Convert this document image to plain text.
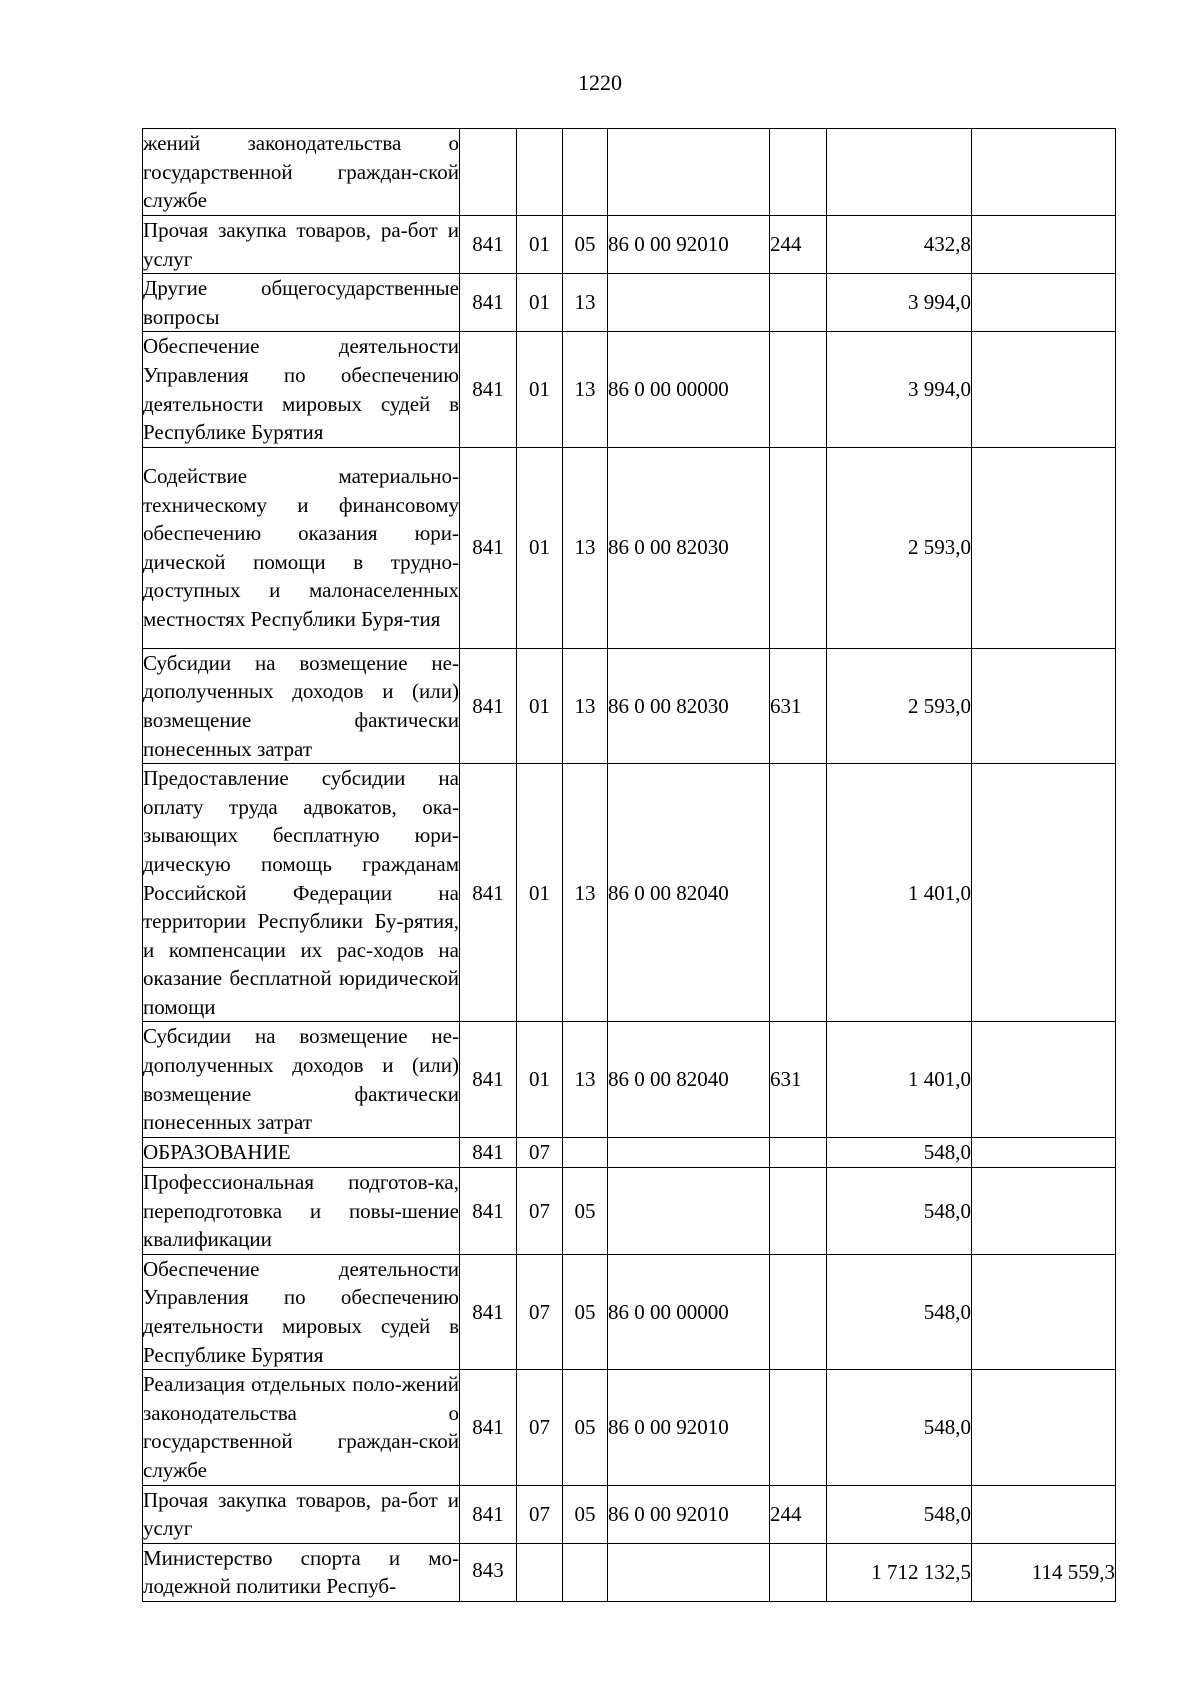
1220
жений законодательства о государственной граждан-ской службе							
Прочая закупка товаров, ра-бот и услуг	841	01	05	86 0 00 92010	244	432,8	
Другие общегосударственные вопросы	841	01	13			3 994,0	
Обеспечение деятельности Управления по обеспечению деятельности мировых судей в Республике Бурятия	841	01	13	86 0 00 00000		3 994,0	
Содействие материально-техническому и финансовому обеспечению оказания юри-дической помощи в трудно-доступных и малонаселенных местностях Республики Буря-тия	841	01	13	86 0 00 82030		2 593,0	
Субсидии на возмещение не-дополученных доходов и (или) возмещение фактически понесенных затрат	841	01	13	86 0 00 82030	631	2 593,0	
Предоставление субсидии на оплату труда адвокатов, ока-зывающих бесплатную юри-дическую помощь гражданам Российской Федерации на территории Республики Бу-рятия, и компенсации их рас-ходов на оказание бесплатной юридической помощи	841	01	13	86 0 00 82040		1 401,0	
Субсидии на возмещение не-дополученных доходов и (или) возмещение фактически понесенных затрат	841	01	13	86 0 00 82040	631	1 401,0	
ОБРАЗОВАНИЕ	841	07				548,0	
Профессиональная подготов-ка, переподготовка и повы-шение квалификации	841	07	05			548,0	
Обеспечение деятельности Управления по обеспечению деятельности мировых судей в Республике Бурятия	841	07	05	86 0 00 00000		548,0	
Реализация отдельных поло-жений законодательства о государственной граждан-ской службе	841	07	05	86 0 00 92010		548,0	
Прочая закупка товаров, ра-бот и услуг	841	07	05	86 0 00 92010	244	548,0	
Министерство спорта и мо-лодежной политики Респуб-	843					1 712 132,5	114 559,3
